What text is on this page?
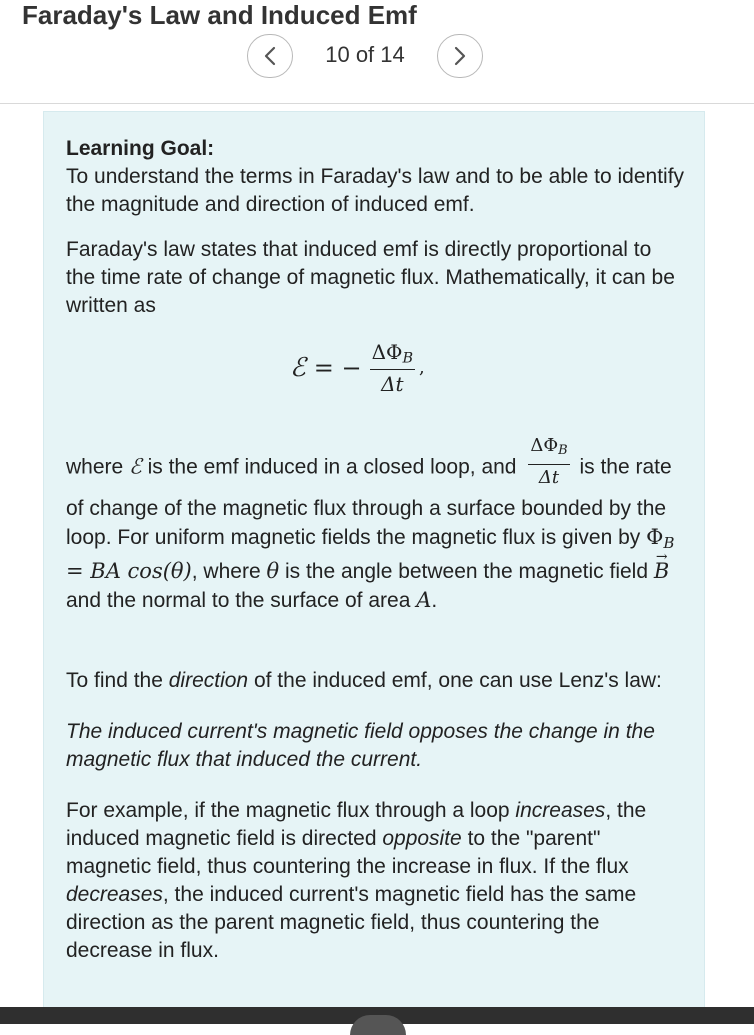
Faraday's Law and Induced Emf
10 of 14

Learning Goal:
To understand the terms in Faraday's law and to be able to identify the magnitude and direction of induced emf.

Faraday's law states that induced emf is directly proportional to the time rate of change of magnetic flux. Mathematically, it can be written as

where ℰ is the emf induced in a closed loop, and $\frac{\Delta\Phi_B}{\Delta t}$ is the rate of change of the magnetic flux through a surface bounded by the loop. For uniform magnetic fields the magnetic flux is given by $\Phi_B$ = BA cos(θ), where θ is the angle between the magnetic field → B and the normal to the surface of area A.

To find the direction of the induced emf, one can use Lenz's law:

The induced current's magnetic field opposes the change in the magnetic flux that induced the current.

For example, if the magnetic flux through a loop increases, the induced magnetic field is directed opposite to the "parent" magnetic field, thus countering the increase in flux. If the flux decreases, the induced current's magnetic field has the same direction as the parent magnetic field, thus countering the decrease in flux.

ℰ = − $\frac{\Delta\Phi_B}{\Delta t}$ ,
